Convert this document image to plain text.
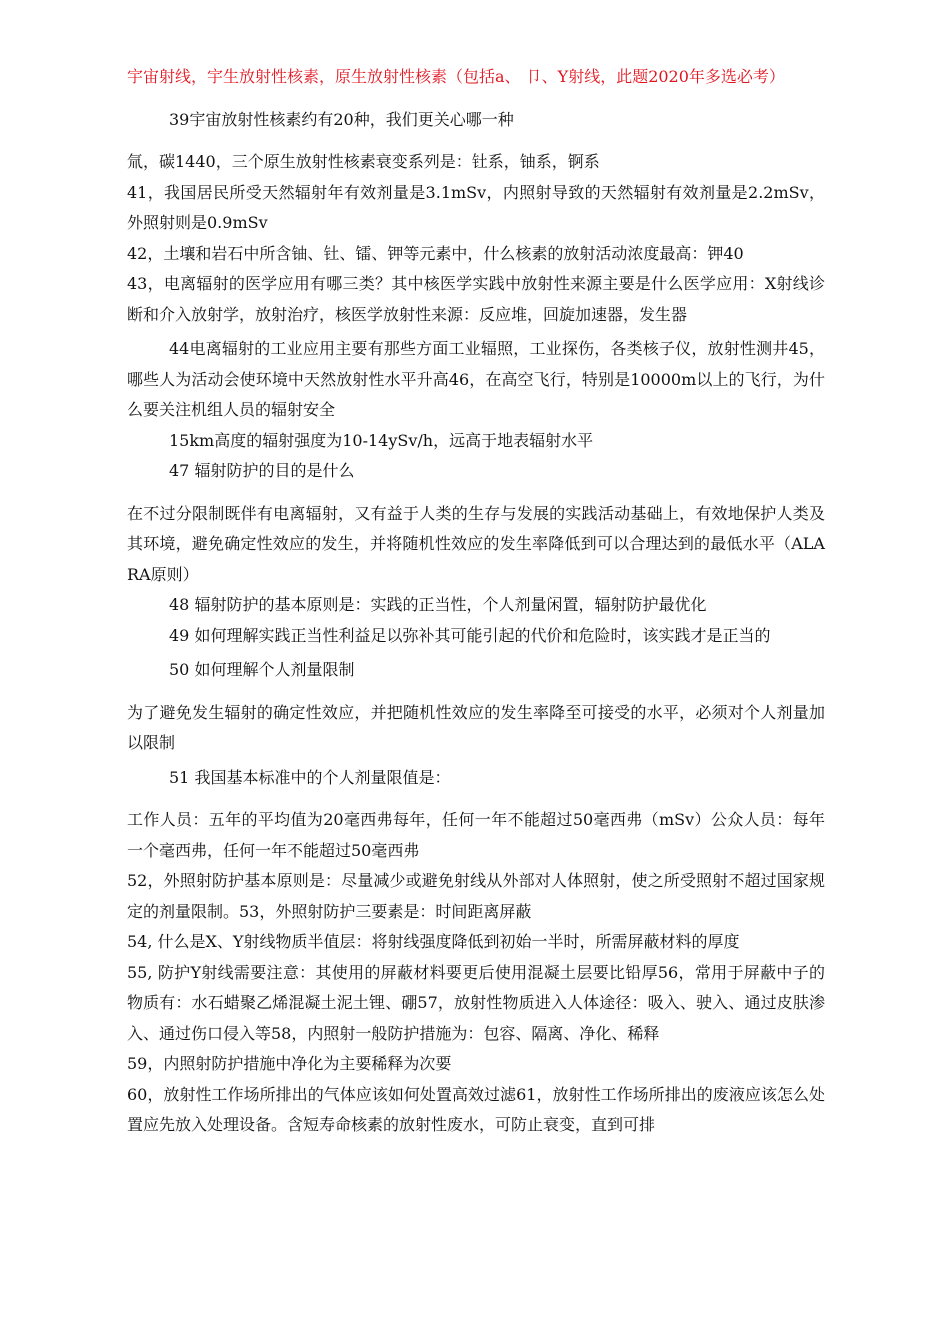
宇宙射线，宇生放射性核素，原生放射性核素（包括a、 卩、Y射线，此题2020年多选必考）

39宇宙放射性核素约有20种，我们更关心哪一种

氚，碳1440，三个原生放射性核素衰变系列是：钍系，铀系，锕系

41，我国居民所受天然辐射年有效剂量是3.1mSv，内照射导致的天然辐射有效剂量是2.2mSv，外照射则是0.9mSv

42，土壤和岩石中所含铀、钍、镭、钾等元素中，什么核素的放射活动浓度最高：钾40

43，电离辐射的医学应用有哪三类？其中核医学实践中放射性来源主要是什么医学应用：X射线诊断和介入放射学，放射治疗，核医学放射性来源：反应堆，回旋加速器，发生器

44电离辐射的工业应用主要有那些方面工业辐照，工业探伤，各类核子仪，放射性测井45，哪些人为活动会使环境中天然放射性水平升高46，在高空飞行，特别是10000m以上的飞行，为什么要关注机组人员的辐射安全

15km高度的辐射强度为10-14ySv/h，远高于地表辐射水平

47 辐射防护的目的是什么

在不过分限制既伴有电离辐射，又有益于人类的生存与发展的实践活动基础上，有效地保护人类及其环境，避免确定性效应的发生，并将随机性效应的发生率降低到可以合理达到的最低水平（ALARA原则）

48 辐射防护的基本原则是：实践的正当性，个人剂量闲置，辐射防护最优化

49 如何理解实践正当性利益足以弥补其可能引起的代价和危险时，该实践才是正当的

50 如何理解个人剂量限制

为了避免发生辐射的确定性效应，并把随机性效应的发生率降至可接受的水平，必须对个人剂量加以限制

51 我国基本标准中的个人剂量限值是：

工作人员：五年的平均值为20毫西弗每年，任何一年不能超过50毫西弗（mSv）公众人员：每年一个毫西弗，任何一年不能超过50毫西弗

52，外照射防护基本原则是：尽量减少或避免射线从外部对人体照射，使之所受照射不超过国家规定的剂量限制。53，外照射防护三要素是：时间距离屏蔽

54, 什么是X、Y射线物质半值层：将射线强度降低到初始一半时，所需屏蔽材料的厚度

55, 防护Y射线需要注意：其使用的屏蔽材料要更后使用混凝土层要比铅厚56，常用于屏蔽中子的物质有：水石蜡聚乙烯混凝土泥土锂、硼57，放射性物质进入人体途径：吸入、驶入、通过皮肤渗入、通过伤口侵入等58，内照射一般防护措施为：包容、隔离、净化、稀释

59，内照射防护措施中净化为主要稀释为次要

60，放射性工作场所排出的气体应该如何处置高效过滤61，放射性工作场所排出的废液应该怎么处置应先放入处理设备。含短寿命核素的放射性废水，可防止衰变，直到可排
